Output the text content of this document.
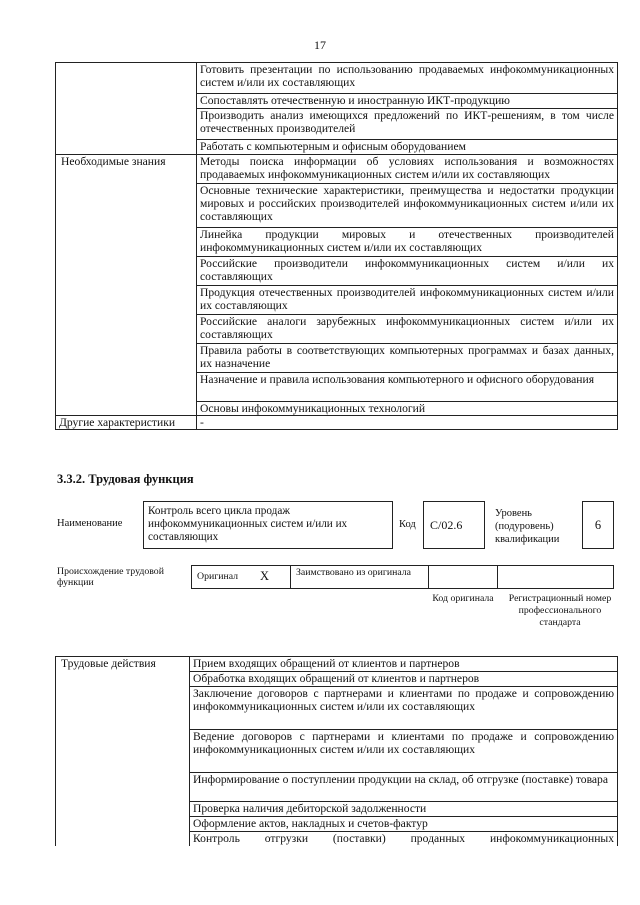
17
	Готовить презентации по использованию продаваемых инфокоммуникационных систем и/или их составляющих
	Сопоставлять отечественную и иностранную ИКТ-продукцию
	Производить анализ имеющихся предложений по ИКТ-решениям, в том числе отечественных производителей
	Работать с компьютерным и офисным оборудованием
Необходимые знания	Методы поиска информации об условиях использования и возможностях продаваемых инфокоммуникационных систем и/или их составляющих
	Основные технические характеристики, преимущества и недостатки продукции мировых и российских производителей инфокоммуникационных систем и/или их составляющих
	Линейка продукции мировых и отечественных производителей инфокоммуникационных систем и/или их составляющих
	Российские производители инфокоммуникационных систем и/или их составляющих
	Продукция отечественных производителей инфокоммуникационных систем и/или их составляющих
	Российские аналоги зарубежных инфокоммуникационных систем и/или их составляющих
	Правила работы в соответствующих компьютерных программах и базах данных, их назначение
	Назначение и правила использования компьютерного и офисного оборудования
	Основы инфокоммуникационных технологий
Другие характеристики	-
3.3.2. Трудовая функция
Наименование
Контроль всего цикла продаж инфокоммуникационных систем и/или их составляющих
Код	C/02.6
Уровень (подуровень) квалификации
6
Происхождение трудовой функции
Оригинал X	Заимствовано из оригинала
Код оригинала	Регистрационный номер профессионального стандарта
Трудовые действия	Прием входящих обращений от клиентов и партнеров
Обработка входящих обращений от клиентов и партнеров
Заключение договоров с партнерами и клиентами по продаже и сопровождению инфокоммуникационных систем и/или их составляющих
Ведение договоров с партнерами и клиентами по продаже и сопровождению инфокоммуникационных систем и/или их составляющих
Информирование о поступлении продукции на склад, об отгрузке (поставке) товара
Проверка наличия дебиторской задолженности
Оформление актов, накладных и счетов-фактур
Контроль отгрузки (поставки) проданных инфокоммуникационных
